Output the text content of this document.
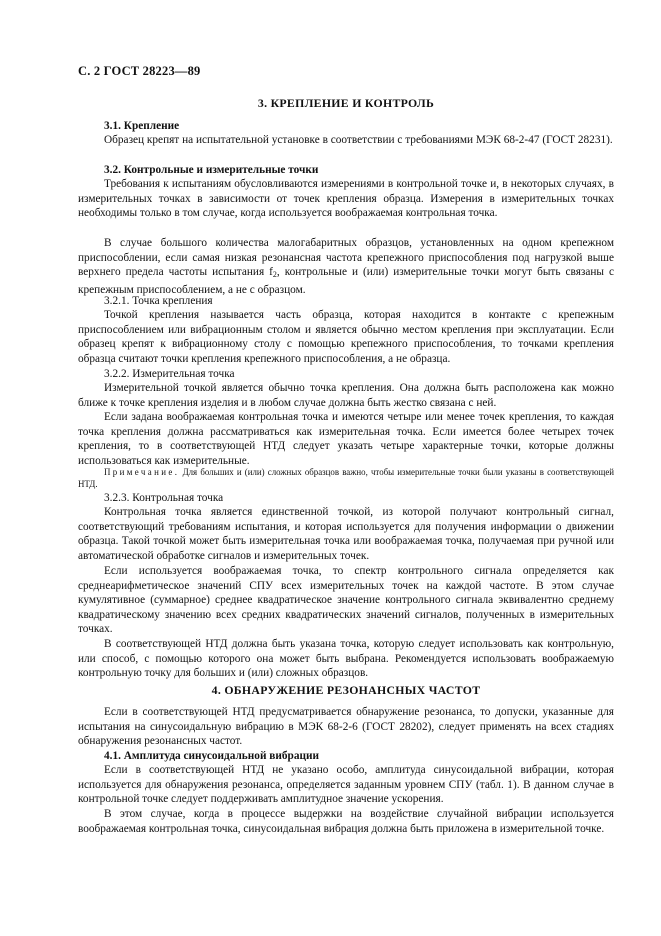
С. 2 ГОСТ 28223—89
3. КРЕПЛЕНИЕ И КОНТРОЛЬ

3.1. Крепление

Образец крепят на испытательной установке в соответствии с требованиями МЭК 68-2-47 (ГОСТ 28231).

3.2. Контрольные и измерительные точки

Требования к испытаниям обусловливаются измерениями в контрольной точке и, в некоторых случаях, в измерительных точках в зависимости от точек крепления образца. Измерения в измерительных точках необходимы только в том случае, когда используется воображаемая контрольная точка.

В случае большого количества малогабаритных образцов, установленных на одном крепежном приспособлении, если самая низкая резонансная частота крепежного приспособления под нагрузкой выше верхнего предела частоты испытания $f_2$, контрольные и (или) измерительные точки могут быть связаны с крепежным приспособлением, а не с образцом.

3.2.1. Точка крепления

Точкой крепления называется часть образца, которая находится в контакте с крепежным приспособлением или вибрационным столом и является обычно местом крепления при эксплуатации. Если образец крепят к вибрационному столу с помощью крепежного приспособления, то точками крепления образца считают точки крепления крепежного приспособления, а не образца.

3.2.2. Измерительная точка

Измерительной точкой является обычно точка крепления. Она должна быть расположена как можно ближе к точке крепления изделия и в любом случае должна быть жестко связана с ней.

Если задана воображаемая контрольная точка и имеются четыре или менее точек крепления, то каждая точка крепления должна рассматриваться как измерительная точка. Если имеется более четырех точек крепления, то в соответствующей НТД следует указать четыре характерные точки, которые должны использоваться как измерительные.

Примечание. Для больших и (или) сложных образцов важно, чтобы измерительные точки были указаны в соответствующей НТД.

3.2.3. Контрольная точка

Контрольная точка является единственной точкой, из которой получают контрольный сигнал, соответствующий требованиям испытания, и которая используется для получения информации о движении образца. Такой точкой может быть измерительная точка или воображаемая точка, получаемая при ручной или автоматической обработке сигналов и измерительных точек.

Если используется воображаемая точка, то спектр контрольного сигнала определяется как среднеарифметическое значений СПУ всех измерительных точек на каждой частоте. В этом случае кумулятивное (суммарное) среднее квадратическое значение контрольного сигнала эквивалентно среднему квадратическому значению всех средних квадратических значений сигналов, полученных в измерительных точках.

В соответствующей НТД должна быть указана точка, которую следует использовать как контрольную, или способ, с помощью которого она может быть выбрана. Рекомендуется использовать воображаемую контрольную точку для больших и (или) сложных образцов.

4. ОБНАРУЖЕНИЕ РЕЗОНАНСНЫХ ЧАСТОТ

Если в соответствующей НТД предусматривается обнаружение резонанса, то допуски, указанные для испытания на синусоидальную вибрацию в МЭК 68-2-6 (ГОСТ 28202), следует применять на всех стадиях обнаружения резонансных частот.

4.1. Амплитуда синусоидальной вибрации

Если в соответствующей НТД не указано особо, амплитуда синусоидальной вибрации, которая используется для обнаружения резонанса, определяется заданным уровнем СПУ (табл. 1). В данном случае в контрольной точке следует поддерживать амплитудное значение ускорения.

В этом случае, когда в процессе выдержки на воздействие случайной вибрации используется воображаемая контрольная точка, синусоидальная вибрация должна быть приложена в измерительной точке.
